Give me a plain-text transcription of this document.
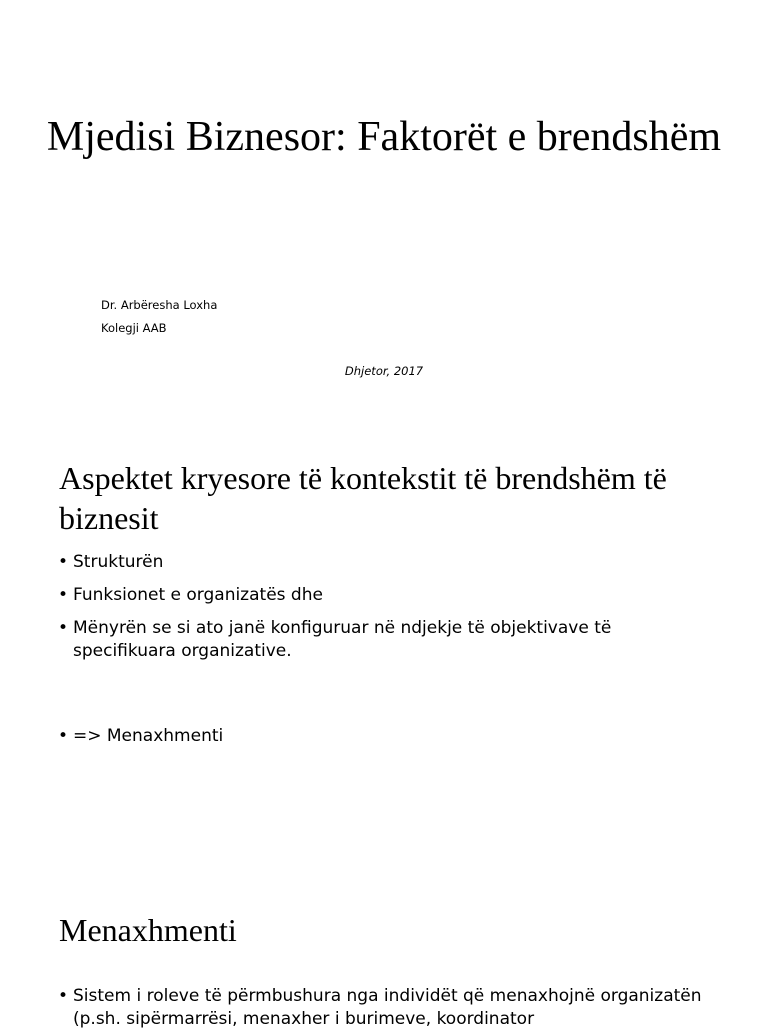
Mjedisi Biznesor: Faktorët e brendshëm

Dr. Arbëresha Loxha

Kolegji AAB

Dhjetor, 2017

Aspektet kryesore të kontekstit të brendshëm të biznesit
• Strukturën
• Funksionet e organizatës dhe
• Mënyrën se si ato janë konfiguruar në ndjekje të objektivave të specifikuara organizative.
• => Menaxhmenti
Menaxhmenti
• Sistem i roleve të përmbushura nga individët që menaxhojnë organizatën (p.sh. sipërmarrësi, menaxher i burimeve, koordinator
